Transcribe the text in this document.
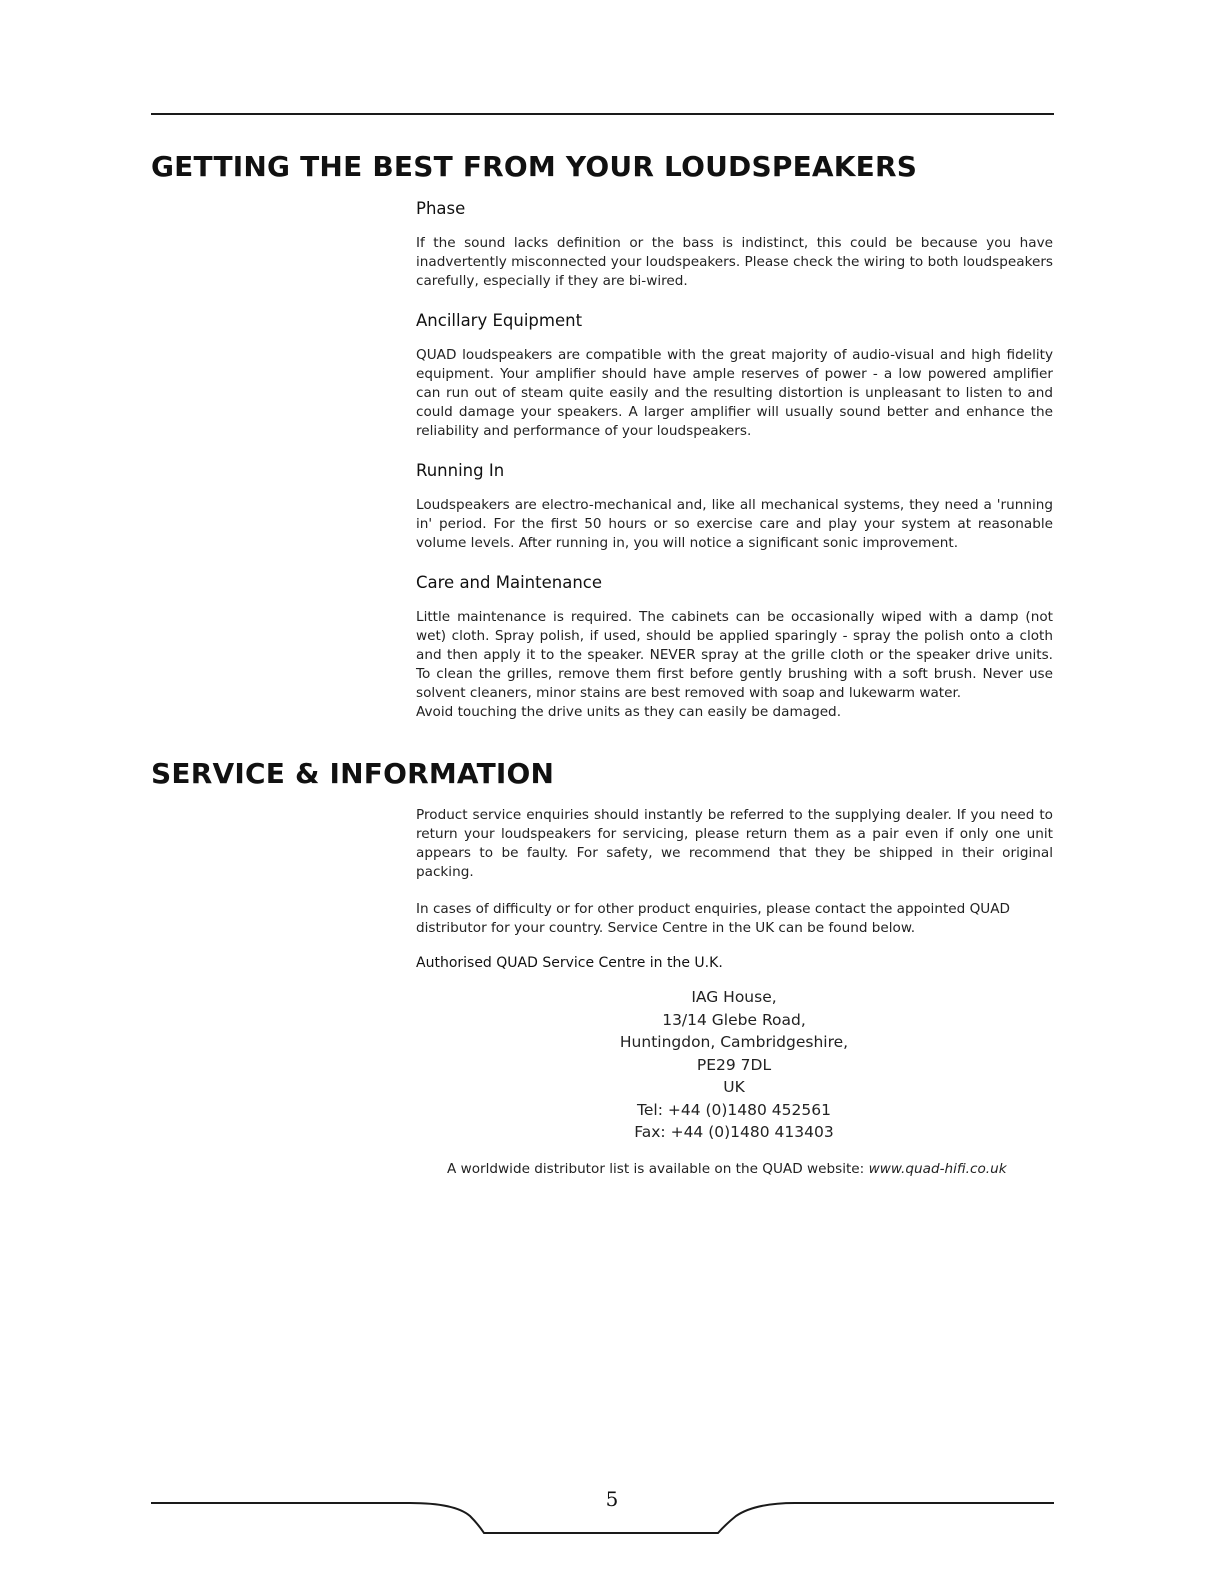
GETTING THE BEST FROM YOUR LOUDSPEAKERS
Phase

If the sound lacks definition or the bass is indistinct, this could be because you have inadvertently misconnected your loudspeakers. Please check the wiring to both loudspeakers carefully, especially if they are bi-wired.

Ancillary Equipment

QUAD loudspeakers are compatible with the great majority of audio-visual and high fidelity equipment. Your amplifier should have ample reserves of power - a low powered amplifier can run out of steam quite easily and the resulting distortion is unpleasant to listen to and could damage your speakers. A larger amplifier will usually sound better and enhance the reliability and performance of your loudspeakers.

Running In

Loudspeakers are electro-mechanical and, like all mechanical systems, they need a 'running in' period. For the first 50 hours or so exercise care and play your system at reasonable volume levels. After running in, you will notice a significant sonic improvement.

Care and Maintenance

Little maintenance is required. The cabinets can be occasionally wiped with a damp (not wet) cloth. Spray polish, if used, should be applied sparingly - spray the polish onto a cloth and then apply it to the speaker. NEVER spray at the grille cloth or the speaker drive units. To clean the grilles, remove them first before gently brushing with a soft brush. Never use solvent cleaners, minor stains are best removed with soap and lukewarm water.

Avoid touching the drive units as they can easily be damaged.

SERVICE & INFORMATION

Product service enquiries should instantly be referred to the supplying dealer. If you need to return your loudspeakers for servicing, please return them as a pair even if only one unit appears to be faulty. For safety, we recommend that they be shipped in their original packing.

In cases of difficulty or for other product enquiries, please contact the appointed QUAD distributor for your country. Service Centre in the UK can be found below.

Authorised QUAD Service Centre in the U.K.
IAG House,
13/14 Glebe Road,
Huntingdon, Cambridgeshire,
PE29 7DL
UK
Tel: +44 (0)1480 452561
Fax: +44 (0)1480 413403
A worldwide distributor list is available on the QUAD website: www.quad-hifi.co.uk
5
